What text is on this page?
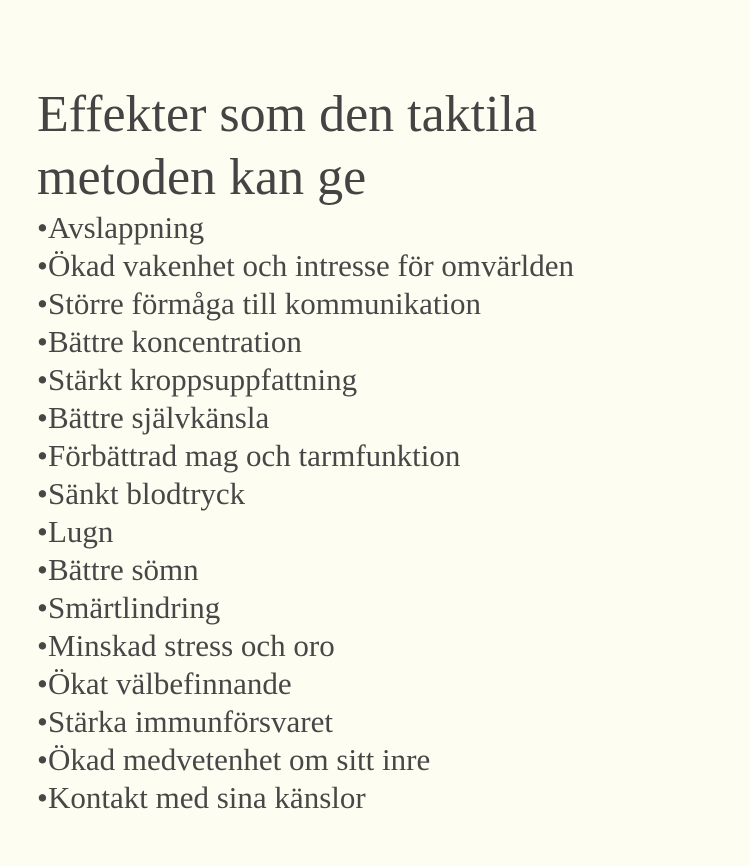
Effekter som den taktila
metoden kan ge
•Avslappning
•Ökad vakenhet och intresse för omvärlden
•Större förmåga till kommunikation
•Bättre koncentration
•Stärkt kroppsuppfattning
•Bättre självkänsla
•Förbättrad mag och tarmfunktion
•Sänkt blodtryck
•Lugn
•Bättre sömn
•Smärtlindring
•Minskad stress och oro
•Ökat välbefinnande
•Stärka immunförsvaret
•Ökad medvetenhet om sitt inre
•Kontakt med sina känslor
